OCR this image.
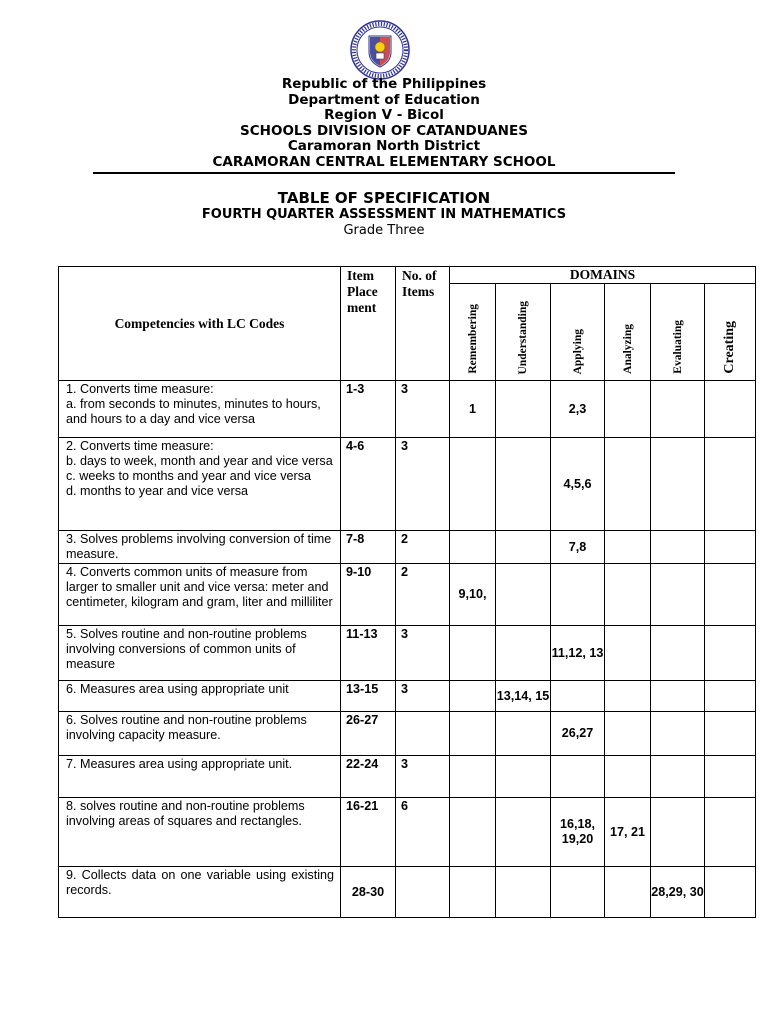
Republic of the Philippines
Department of Education
Region V - Bicol
SCHOOLS DIVISION OF CATANDUANES
Caramoran North District
CARAMORAN CENTRAL ELEMENTARY SCHOOL
TABLE OF SPECIFICATION
FOURTH QUARTER ASSESSMENT IN MATHEMATICS
Grade Three
Competencies with LC Codes	Item
Place
ment	No. of
Items	DOMAINS					

			Remembering	Understanding	Applying	Analyzing	Evaluating	Creating

1. Converts time measure:
a. from seconds to minutes, minutes to hours, and hours to a day and vice versa	1-3	3	1		2,3			

2. Converts time measure:
b. days to week, month and year and vice versa
c. weeks to months and year and vice versa
d. months to year and vice versa	4-6	3			4,5,6			

3. Solves problems involving conversion of time measure.	7-8	2			7,8			

4. Converts common units of measure from larger to smaller unit and vice versa: meter and centimeter, kilogram and gram, liter and milliliter	9-10	2	9,10,					

5. Solves routine and non-routine problems involving conversions of common units of measure	11-13	3			11,12, 13			

6. Measures area using appropriate unit	13-15	3		13,14, 15				

6. Solves routine and non-routine problems involving capacity measure.	26-27				26,27			

7. Measures area using appropriate unit.	22-24	3						

8. solves routine and non-routine problems involving areas of squares and rectangles.	16-21	6			16,18, 19,20	17, 21		

9. Collects data on one variable using existing records.	28-30						28,29, 30	
